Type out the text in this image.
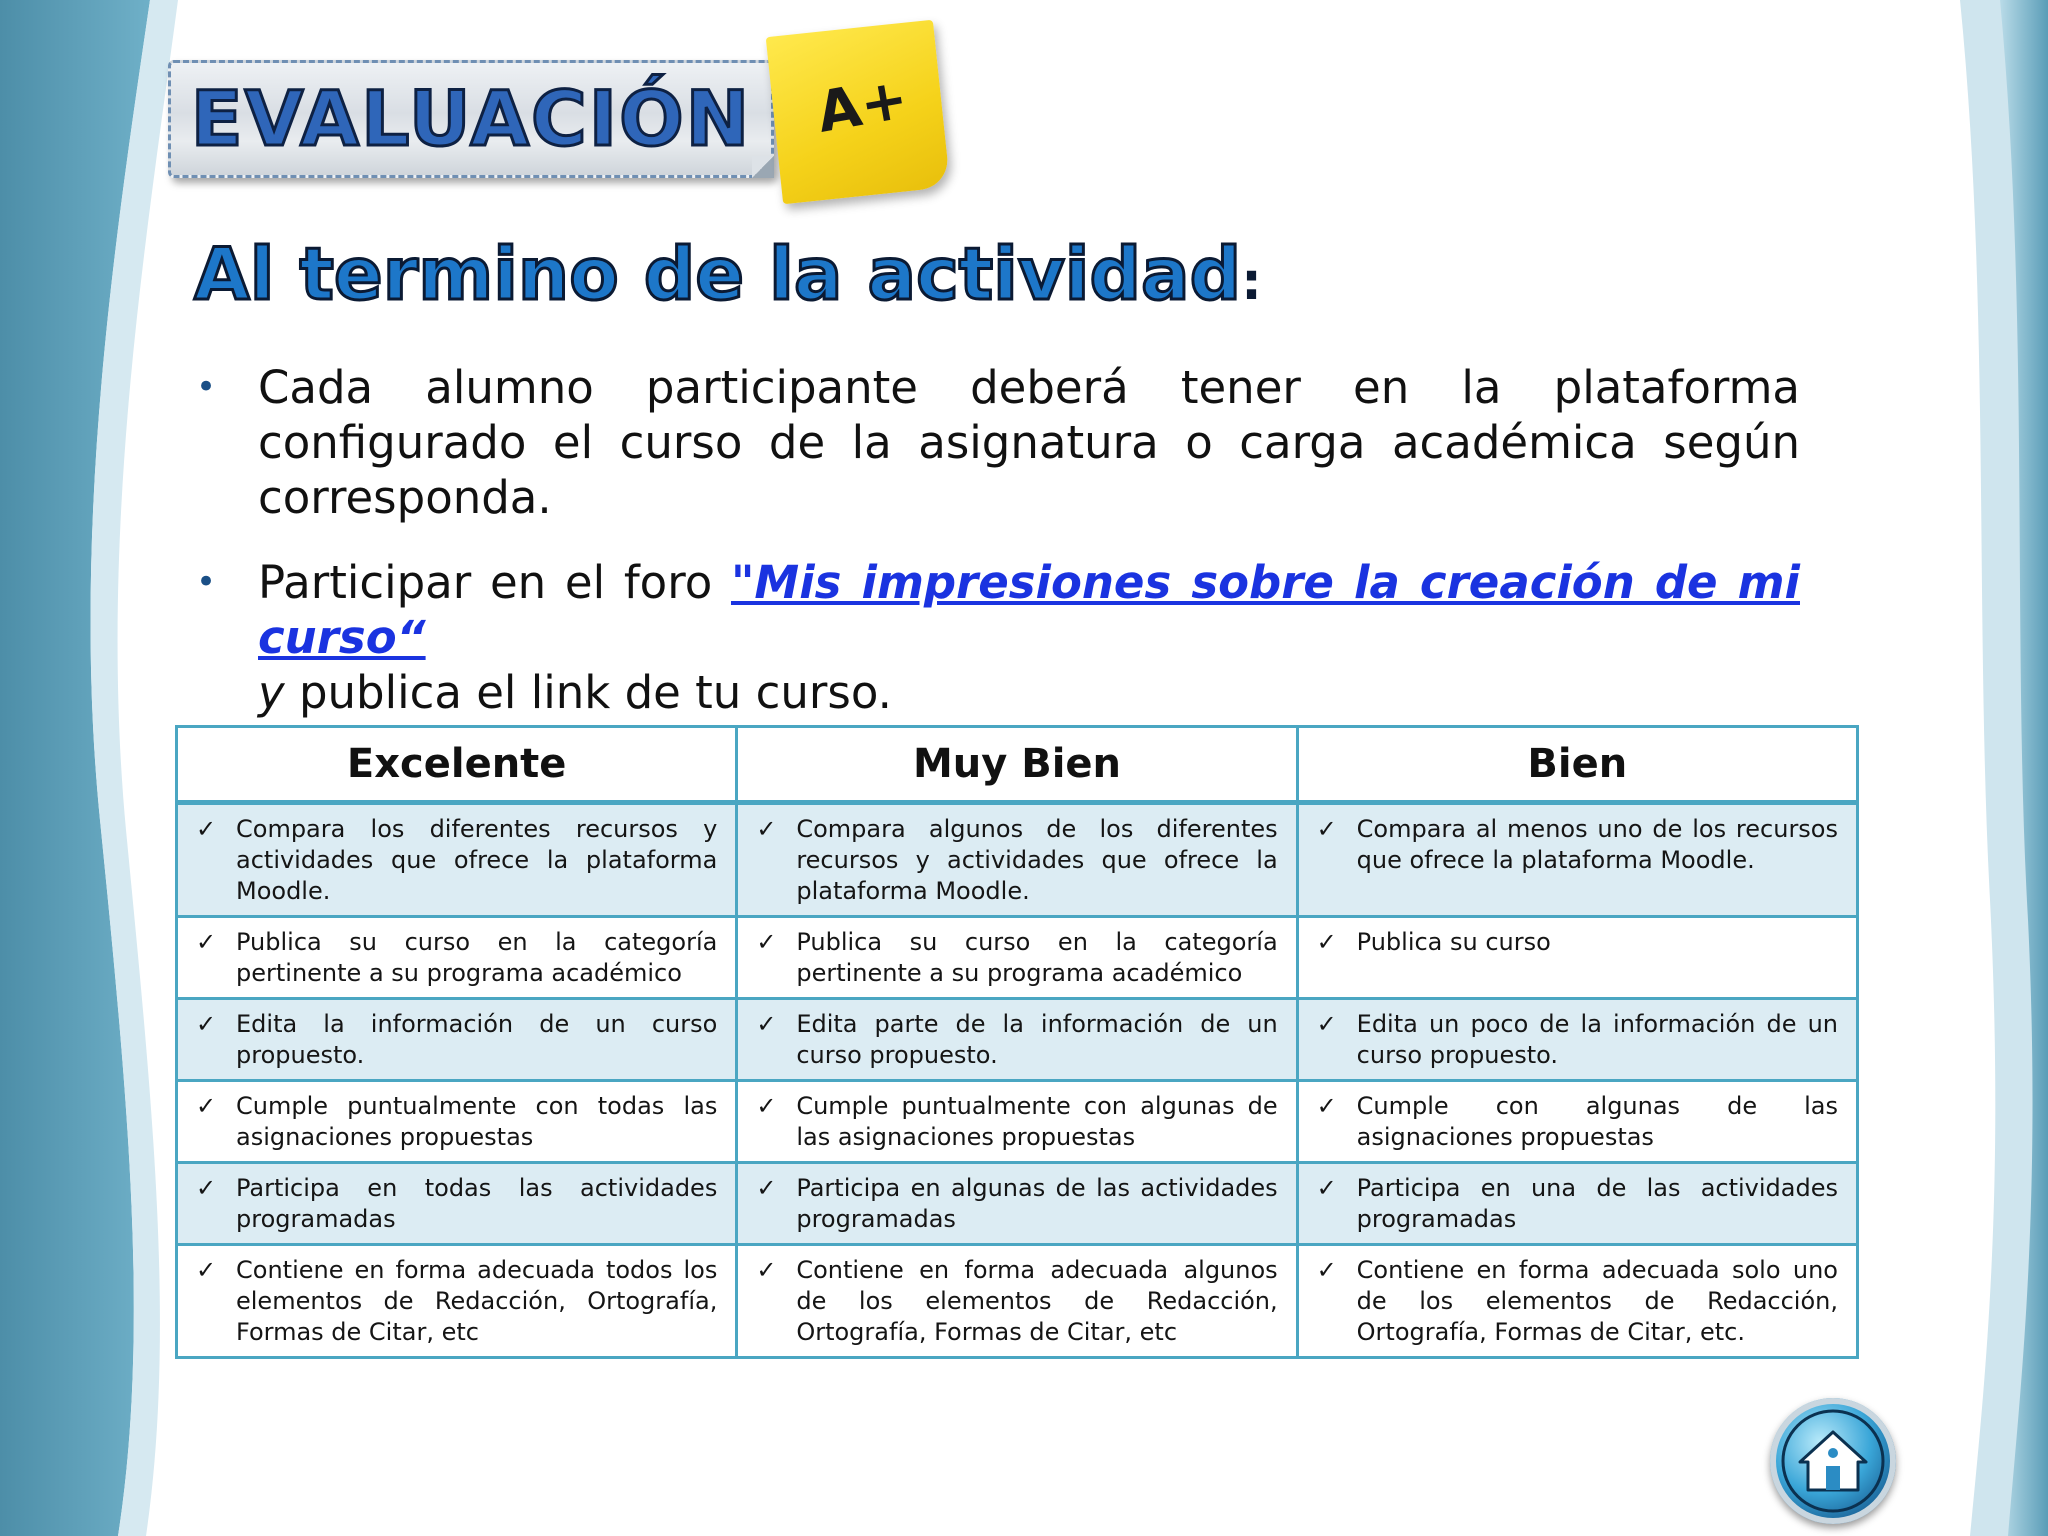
EVALUACIÓN	A+
Al termino de la actividad:
• Cada alumno participante deberá tener en la plataforma configurado el curso de la asignatura o carga académica según corresponda.
• Participar en el foro "Mis impresiones sobre la creación de mi curso“
y publica el link de tu curso.
Excelente	Muy Bien	Bien

✓ Compara los diferentes recursos y actividades que ofrece la plataforma Moodle.	✓ Compara algunos de los diferentes recursos y actividades que ofrece la plataforma Moodle.	✓ Compara al menos uno de los recursos que ofrece la plataforma Moodle.

✓ Publica su curso en la categoría pertinente a su programa académico	✓ Publica su curso en la categoría pertinente a su programa académico	✓ Publica su curso

✓ Edita la información de un curso propuesto.	✓ Edita parte de la información de un curso propuesto.	✓ Edita un poco de la información de un curso propuesto.

✓ Cumple puntualmente con todas las asignaciones propuestas	✓ Cumple puntualmente con algunas de las asignaciones propuestas	✓ Cumple con algunas de las asignaciones propuestas

✓ Participa en todas las actividades programadas	✓ Participa en algunas de las actividades programadas	✓ Participa en una de las actividades programadas

✓ Contiene en forma adecuada todos los elementos de Redacción, Ortografía, Formas de Citar, etc	✓ Contiene en forma adecuada algunos de los elementos de Redacción, Ortografía, Formas de Citar, etc	✓ Contiene en forma adecuada solo uno de los elementos de Redacción, Ortografía, Formas de Citar, etc.
